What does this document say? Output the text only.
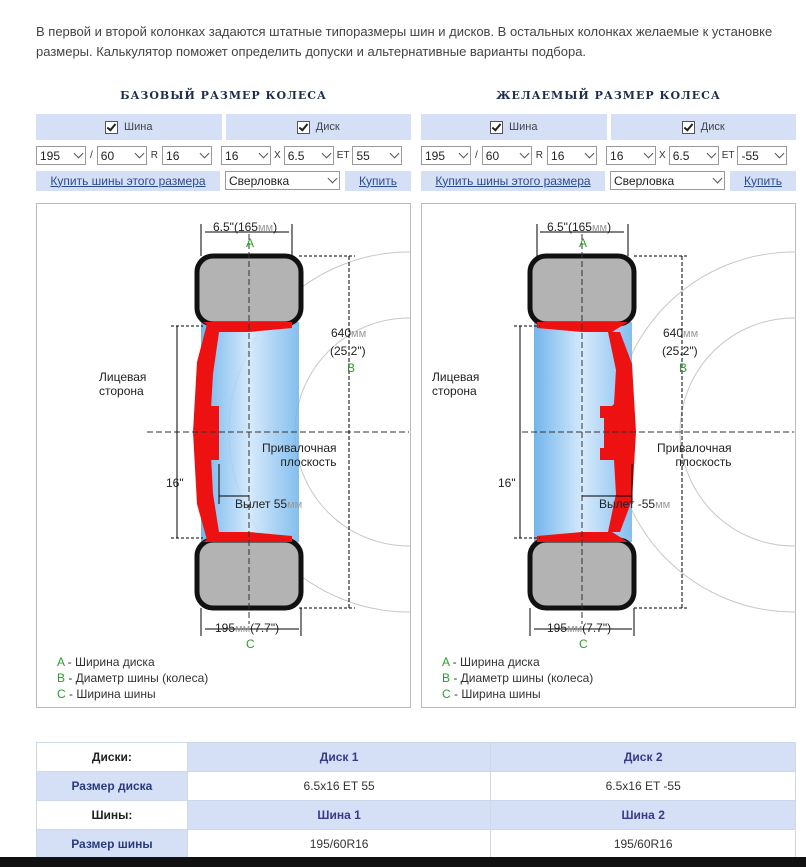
В первой и второй колонках задаются штатные типоразмеры шин и дисков. В остальных колонках желаемые к установке размеры. Калькулятор поможет определить допуски и альтернативные варианты подбора.
БАЗОВЫЙ РАЗМЕР КОЛЕСА
Шина	Диск
195	/ 60	R 16	16	X 6.5	ET 55
Купить шины этого размера	Сверловка	Купить
ЖЕЛАЕМЫЙ РАЗМЕР КОЛЕСА
Шина	Диск
195	/ 60	R 16	16	X 6.5	ET -55
Купить шины этого размера	Сверловка	Купить
6.5"(165мм)
A
640мм
(25.2")
B
Лицевая
сторона
Привалочная
плоскость
16"
Вылет 55мм
195мм(7.7")
C
A - Ширина диска
B - Диаметр шины (колеса)
C - Ширина шины
6.5"(165мм)
A
640мм
(25.2")
B
Лицевая
сторона
Привалочная
плоскость
16"
Вылет -55мм
195мм(7.7")
C
A - Ширина диска
B - Диаметр шины (колеса)
C - Ширина шины
Диски:	Диск 1	Диск 2
Размер диска	6.5x16 ET 55	6.5x16 ET -55
Шины:	Шина 1	Шина 2
Размер шины	195/60R16	195/60R16
